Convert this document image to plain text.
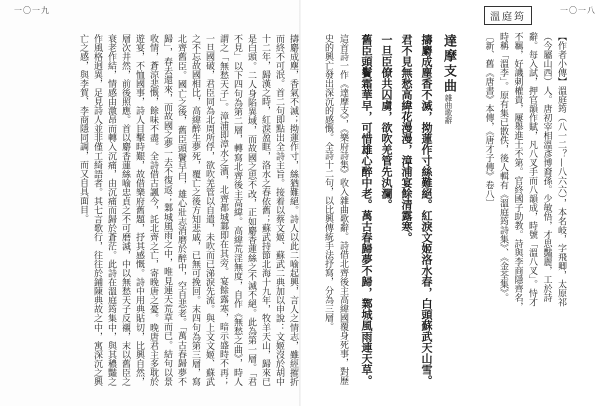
一〇一九
擣麝成塵，香氣不滅；拗蓮作寸，絲猶難絕。詩人以此二喻起興，言人之情志，雖經摧折而終不可泯。首二句即點出全詩主旨。接着以蔡文姬、蘇武二典加以申說：文姬沒於胡中十二年，歸漢之時，紅淚盈眶，洛水之春依舊；蘇武持節北海十九年，牧羊天山，歸來已是白頭。二人身陷異域，而故國之思不改，正如麝香蓮絲之不滅不絕。此為第一層。「君不見」以下四句為第二層，轉寫北齊後主高緯。高緯荒淫無度，自作《無愁之曲》，時人謂之「無愁天子」。漳浦即漳水之濱，北齊都城鄴即在其旁。宴餘露寒，暗示盛時不再；一旦國破，君臣同為北周所俘，欲吹羌管以自遣，未吹而已涕淚先流。與上文文姬、蘇武之不忘故國相比，高緯醉生夢死，覆亡之後方知悲戚，已無可挽回。末四句為第三層，寫北齊舊臣。國亡之後，舊臣頭鬢早白，雄心壯志消磨於醉中，空自悲老。「萬古春歸夢不歸」，春去還來，而故國之夢一去不復返；鄴城風雨之中，唯見連天荒草而已。結句以景收情，蒼涼悲慨，餘味不盡。全詩借古諷今，託北齊之亡，寄晚唐之憂。晚唐君主多耽於遊宴，不恤國事，詩人目擊時艱，故借樂府舊題，抒其感慨。詩中用典貼切，比興自然，層次井然，前後照應。首以麝香蓮絲喻忠貞之不可磨滅，中以無愁天子反襯，末以舊臣之衰老作結，情感由激昂而轉入沉痛，由沉痛而歸於蒼茫。此詩在溫庭筠集中，與其穠豔之作風格迥異，足見詩人並非僅工綺語者。其七言歌行，往往於鋪陳典故之中，寓深沉之興亡之感，與李賀、李商隱同調，而又自具面目。
一〇一八
溫庭筠
【作者小傳】溫庭筠（八一二？—八六六），本名岐，字飛卿，太原祁（今屬山西）人。唐初宰相溫彥博裔孫。少敏悟，才思豔麗，工於詩辭。每入試，押官韻作賦，凡八叉手而八韻成，時號「溫八叉」。恃才不羈，好譏刺權貴，屢舉進士不第。官終國子助教。詩與李商隱齊名，時稱「溫李」。原有集已散佚，後人輯有《溫庭筠詩集》、《金荃集》。〔新、舊《唐書》本傳，《唐才子傳》卷八〕
達摩支曲雜曲歌辭

擣麝成塵香不滅，拗蓮作寸絲難絕。紅淚文姬洛水春，白頭蘇武天山雪。

君不見無愁高緯花漫漫，漳浦宴餘清露寒。

一旦臣僚共囚虜，欲吹羌管先汍瀾。

舊臣頭鬢霜華早，可惜雄心醉中老。萬古春歸夢不歸，鄴城風雨連天草。

這首詩一作《達摩支》，《樂府詩集》收入雜曲歌辭。詩借北齊後主高緯國覆身死事，對歷史的興亡發出深沉的感慨。全詩十二句，以比興傳統手法抒寫，分為三層。
